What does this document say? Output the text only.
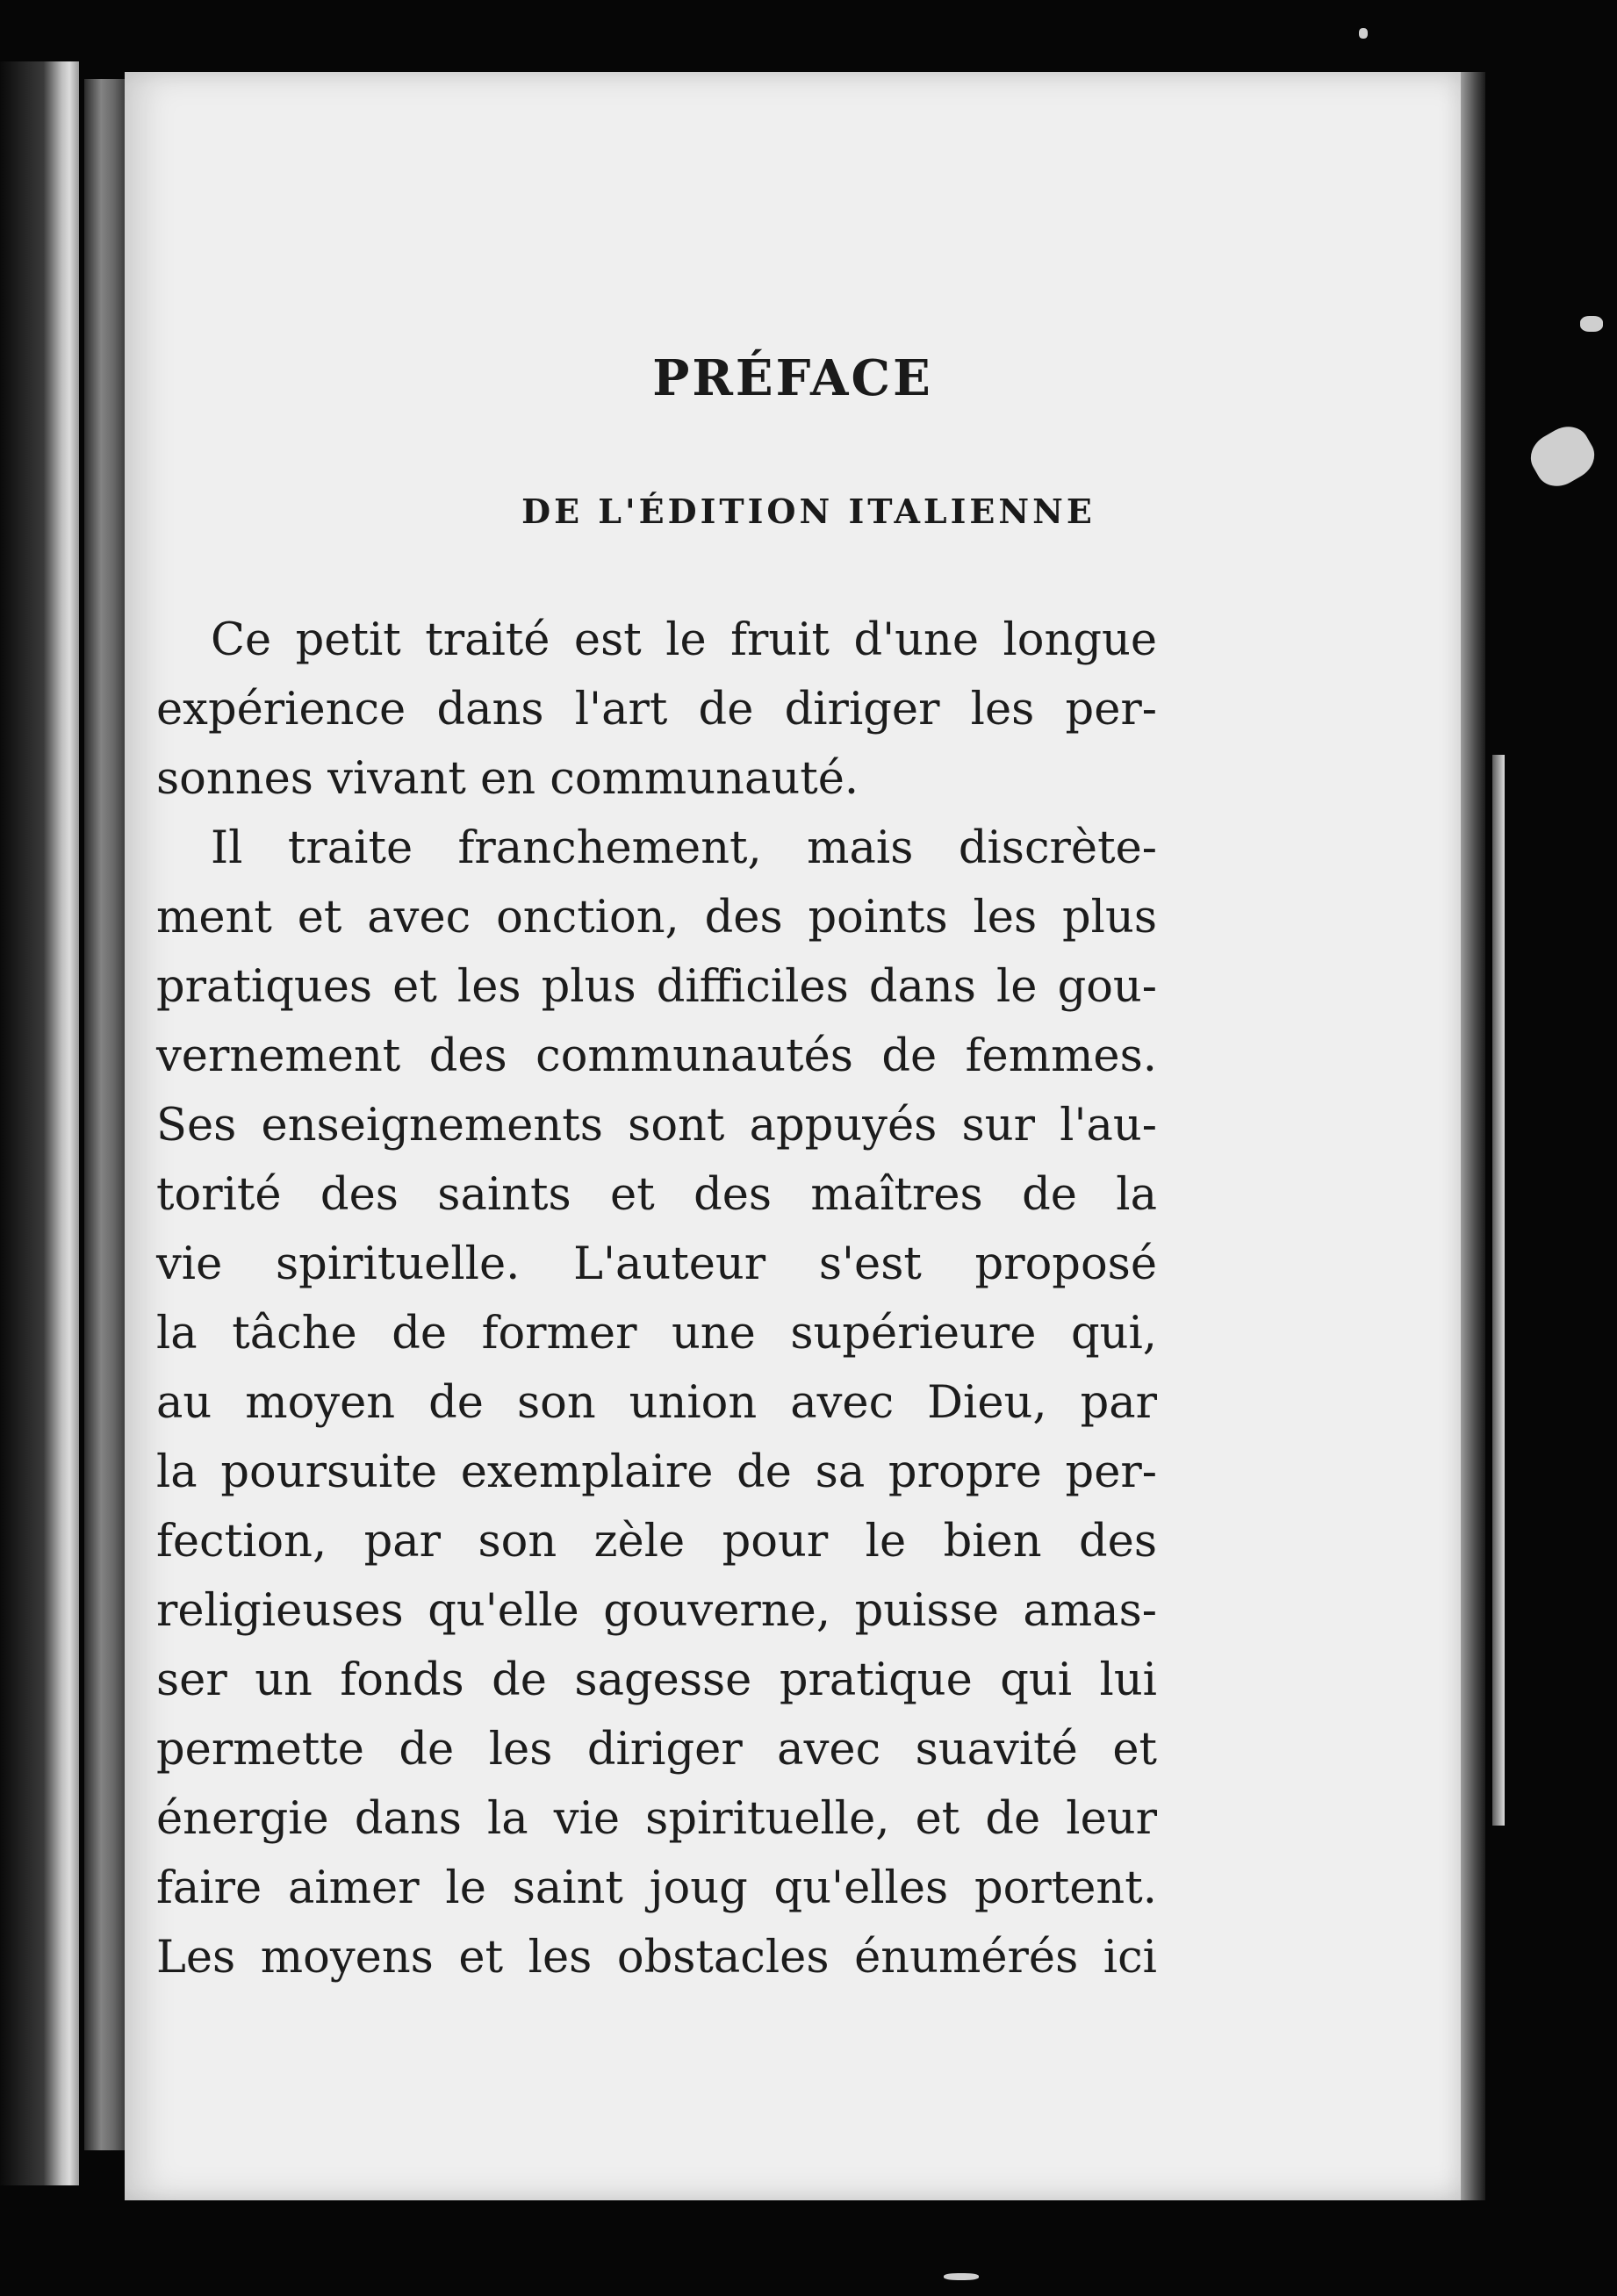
PRÉFACE
DE L'ÉDITION ITALIENNE
Ce petit traité est le fruit d'une longue
expérience dans l'art de diriger les per-
sonnes vivant en communauté.
Il traite franchement, mais discrète-
ment et avec onction, des points les plus
pratiques et les plus difficiles dans le gou-
vernement des communautés de femmes.
Ses enseignements sont appuyés sur l'au-
torité des saints et des maîtres de la
vie spirituelle. L'auteur s'est proposé
la tâche de former une supérieure qui,
au moyen de son union avec Dieu, par
la poursuite exemplaire de sa propre per-
fection, par son zèle pour le bien des
religieuses qu'elle gouverne, puisse amas-
ser un fonds de sagesse pratique qui lui
permette de les diriger avec suavité et
énergie dans la vie spirituelle, et de leur
faire aimer le saint joug qu'elles portent.
Les moyens et les obstacles énumérés ici
